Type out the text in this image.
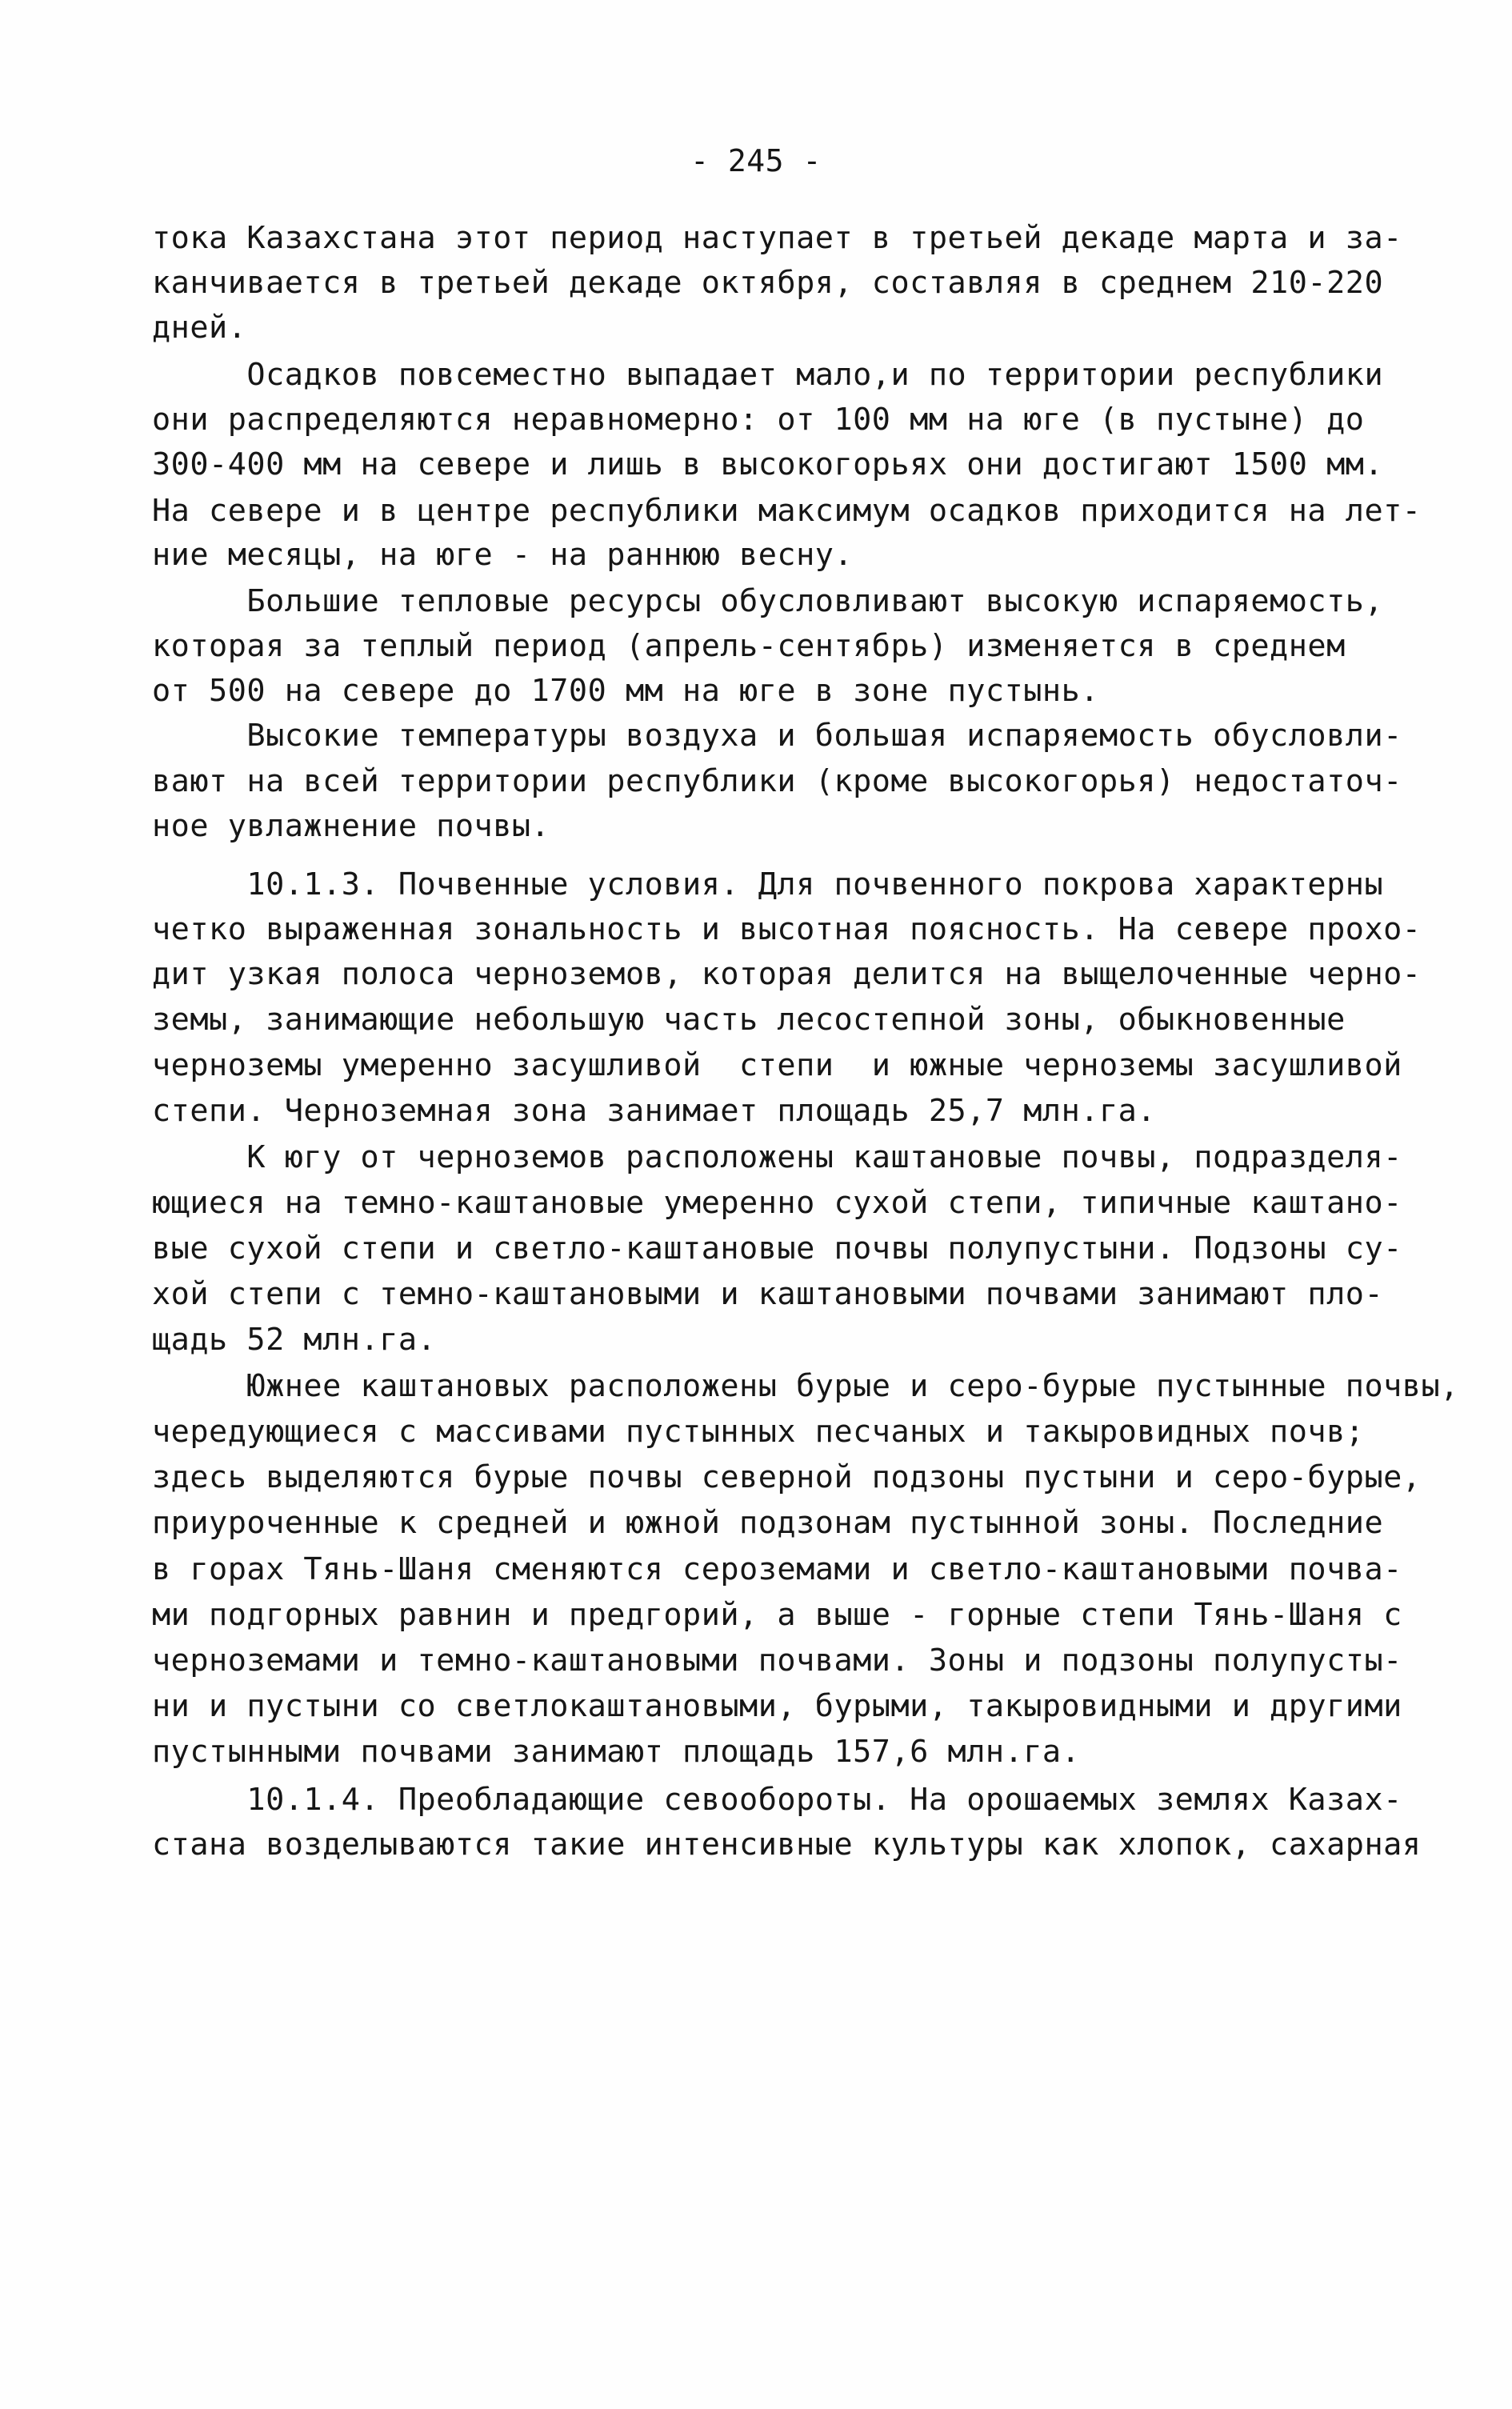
- 245 -
тока Казахстана этот период наступает в третьей декаде марта и за-
канчивается в третьей декаде октября, составляя в среднем 210-220
дней.
Осадков повсеместно выпадает мало,и по территории республики
они распределяются неравномерно: от 100 мм на юге (в пустыне) до
300-400 мм на севере и лишь в высокогорьях они достигают 1500 мм.
На севере и в центре республики максимум осадков приходится на лет-
ние месяцы, на юге - на раннюю весну.
Большие тепловые ресурсы обусловливают высокую испаряемость,
которая за теплый период (апрель-сентябрь) изменяется в среднем
от 500 на севере до 1700 мм на юге в зоне пустынь.
Высокие температуры воздуха и большая испаряемость обусловли-
вают на всей территории республики (кроме высокогорья) недостаточ-
ное увлажнение почвы.
10.1.3. Почвенные условия. Для почвенного покрова характерны
четко выраженная зональность и высотная поясность. На севере прохо-
дит узкая полоса черноземов, которая делится на выщелоченные черно-
земы, занимающие небольшую часть лесостепной зоны, обыкновенные
черноземы умеренно засушливой  степи  и южные черноземы засушливой
степи. Черноземная зона занимает площадь 25,7 млн.га.
К югу от черноземов расположены каштановые почвы, подразделя-
ющиеся на темно-каштановые умеренно сухой степи, типичные каштано-
вые сухой степи и светло-каштановые почвы полупустыни. Подзоны су-
хой степи с темно-каштановыми и каштановыми почвами занимают пло-
щадь 52 млн.га.
Южнее каштановых расположены бурые и серо-бурые пустынные почвы,
чередующиеся с массивами пустынных песчаных и такыровидных почв;
здесь выделяются бурые почвы северной подзоны пустыни и серо-бурые,
приуроченные к средней и южной подзонам пустынной зоны. Последние
в горах Тянь-Шаня сменяются сероземами и светло-каштановыми почва-
ми подгорных равнин и предгорий, а выше - горные степи Тянь-Шаня с
черноземами и темно-каштановыми почвами. Зоны и подзоны полупусты-
ни и пустыни со светлокаштановыми, бурыми, такыровидными и другими
пустынными почвами занимают площадь 157,6 млн.га.
10.1.4. Преобладающие севообороты. На орошаемых землях Казах-
стана возделываются такие интенсивные культуры как хлопок, сахарная
